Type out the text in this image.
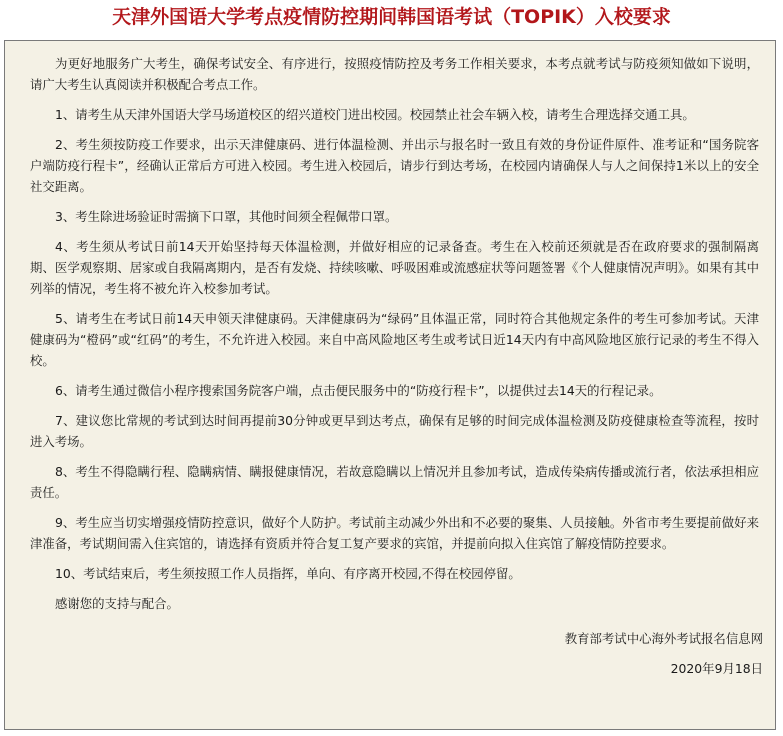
天津外国语大学考点疫情防控期间韩国语考试（TOPIK）入校要求

为更好地服务广大考生，确保考试安全、有序进行，按照疫情防控及考务工作相关要求，本考点就考试与防疫须知做如下说明，请广大考生认真阅读并积极配合考点工作。

1、请考生从天津外国语大学马场道校区的绍兴道校门进出校园。校园禁止社会车辆入校，请考生合理选择交通工具。

2、考生须按防疫工作要求，出示天津健康码、进行体温检测、并出示与报名时一致且有效的身份证件原件、准考证和“国务院客户端防疫行程卡”，经确认正常后方可进入校园。考生进入校园后，请步行到达考场，在校园内请确保人与人之间保持1米以上的安全社交距离。

3、考生除进场验证时需摘下口罩，其他时间须全程佩带口罩。

4、考生须从考试日前14天开始坚持每天体温检测，并做好相应的记录备查。考生在入校前还须就是否在政府要求的强制隔离期、医学观察期、居家或自我隔离期内，是否有发烧、持续咳嗽、呼吸困难或流感症状等问题签署《个人健康情况声明》。如果有其中列举的情况，考生将不被允许入校参加考试。

5、请考生在考试日前14天申领天津健康码。天津健康码为“绿码”且体温正常，同时符合其他规定条件的考生可参加考试。天津健康码为“橙码”或“红码”的考生，不允许进入校园。来自中高风险地区考生或考试日近14天内有中高风险地区旅行记录的考生不得入校。

6、请考生通过微信小程序搜索国务院客户端，点击便民服务中的“防疫行程卡”，以提供过去14天的行程记录。

7、建议您比常规的考试到达时间再提前30分钟或更早到达考点，确保有足够的时间完成体温检测及防疫健康检查等流程，按时进入考场。

8、考生不得隐瞒行程、隐瞒病情、瞒报健康情况，若故意隐瞒以上情况并且参加考试，造成传染病传播或流行者，依法承担相应责任。

9、考生应当切实增强疫情防控意识，做好个人防护。考试前主动减少外出和不必要的聚集、人员接触。外省市考生要提前做好来津准备，考试期间需入住宾馆的，请选择有资质并符合复工复产要求的宾馆，并提前向拟入住宾馆了解疫情防控要求。

10、考试结束后，考生须按照工作人员指挥，单向、有序离开校园,不得在校园停留。

感谢您的支持与配合。

教育部考试中心海外考试报名信息网
2020年9月18日
